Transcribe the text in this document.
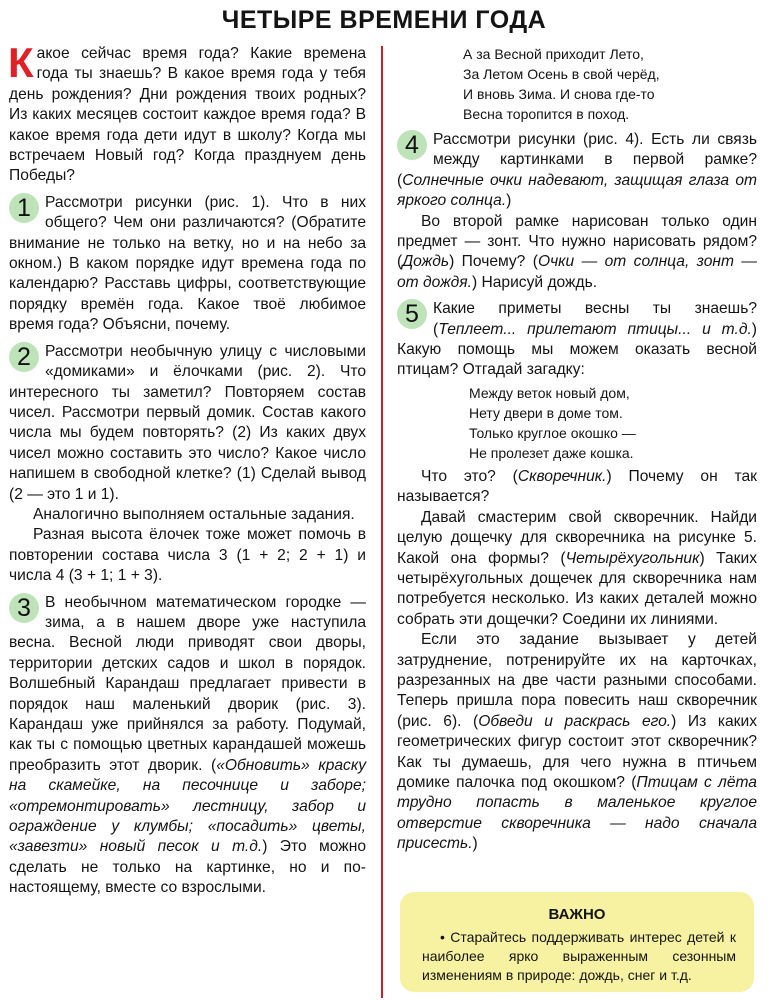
ЧЕТЫРЕ ВРЕМЕНИ ГОДА

Какое сейчас время года? Какие времена года ты знаешь? В какое время года у тебя день рождения? Дни рождения твоих родных? Из каких месяцев состоит каждое время года? В какое время года дети идут в школу? Когда мы встречаем Новый год? Когда празднуем день Победы?

1 Рассмотри рисунки (рис. 1). Что в них общего? Чем они различаются? (Обратите внимание не только на ветку, но и на небо за окном.) В каком порядке идут времена года по календарю? Расставь цифры, соответствующие порядку времён года. Какое твоё любимое время года? Объясни, почему.

2 Рассмотри необычную улицу с числовыми «домиками» и ёлочками (рис. 2). Что интересного ты заметил? Повторяем состав чисел. Рассмотри первый домик. Состав какого числа мы будем повторять? (2) Из каких двух чисел можно составить это число? Какое число напишем в свободной клетке? (1) Сделай вывод (2 — это 1 и 1).

Аналогично выполняем остальные задания.

Разная высота ёлочек тоже может помочь в повторении состава числа 3 (1 + 2; 2 + 1) и числа 4 (3 + 1; 1 + 3).

3 В необычном математическом городке — зима, а в нашем дворе уже наступила весна. Весной люди приводят свои дворы, территории детских садов и школ в порядок. Волшебный Карандаш предлагает привести в порядок наш маленький дворик (рис. 3). Карандаш уже прийнялся за работу. Подумай, как ты с помощью цветных карандашей можешь преобразить этот дворик. («Обновить» краску на скамейке, на песочнице и заборе; «отремонтировать» лестницу, забор и ограждение у клумбы; «посадить» цветы, «завезти» новый песок и т.д.) Это можно сделать не только на картинке, но и по-настоящему, вместе со взрослыми.

А за Весной приходит Лето,
За Летом Осень в свой черёд,
И вновь Зима. И снова где-то
Весна торопится в поход.

4 Рассмотри рисунки (рис. 4). Есть ли связь между картинками в первой рамке? (Солнечные очки надевают, защищая глаза от яркого солнца.)

Во второй рамке нарисован только один предмет — зонт. Что нужно нарисовать рядом? (Дождь) Почему? (Очки — от солнца, зонт — от дождя.) Нарисуй дождь.

5 Какие приметы весны ты знаешь? (Теплеет... прилетают птицы... и т.д.) Какую помощь мы можем оказать весной птицам? Отгадай загадку:

Между веток новый дом,
Нету двери в доме том.
Только круглое окошко —
Не пролезет даже кошка.

Что это? (Скворечник.) Почему он так называется?

Давай смастерим свой скворечник. Найди целую дощечку для скворечника на рисунке 5. Какой она формы? (Четырёхугольник) Таких четырёхугольных дощечек для скворечника нам потребуется несколько. Из каких деталей можно собрать эти дощечки? Соедини их линиями.

Если это задание вызывает у детей затруднение, потренируйте их на карточках, разрезанных на две части разными способами. Теперь пришла пора повесить наш скворечник (рис. 6). (Обведи и раскрась его.) Из каких геометрических фигур состоит этот скворечник? Как ты думаешь, для чего нужна в птичьем домике палочка под окошком? (Птицам с лёта трудно попасть в маленькое круглое отверстие скворечника — надо сначала присесть.)

ВАЖНО
• Старайтесь поддерживать интерес детей к наиболее ярко выраженным сезонным изменениям в природе: дождь, снег и т.д.
